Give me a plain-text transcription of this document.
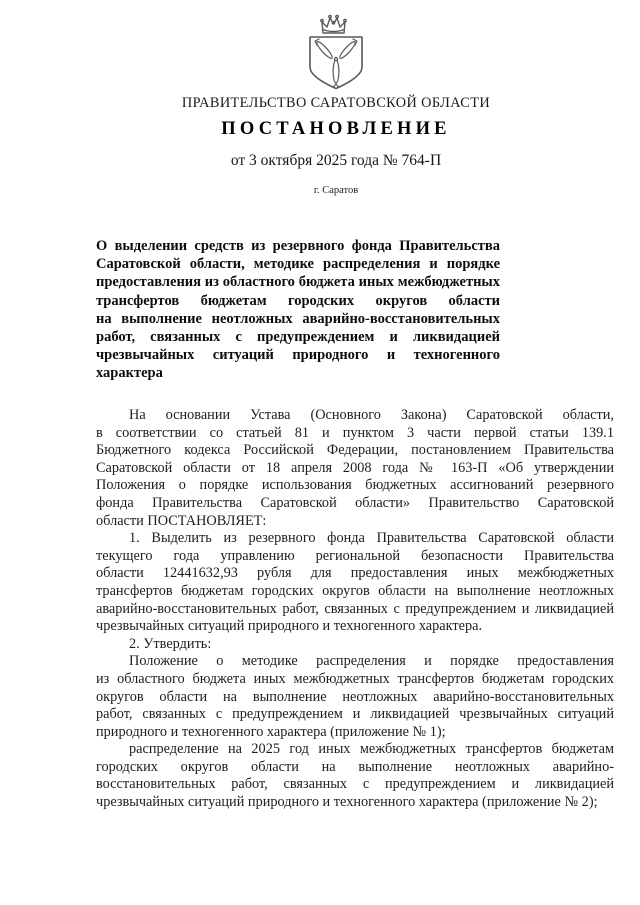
ПРАВИТЕЛЬСТВО САРАТОВСКОЙ ОБЛАСТИ
ПОСТАНОВЛЕНИЕ
от 3 октября 2025 года № 764-П
г. Саратов
О выделении средств из резервного фонда Правительства
Саратовской области, методике распределения и порядке
предоставления из областного бюджета иных межбюджетных
трансфертов бюджетам городских округов области
на выполнение неотложных аварийно-восстановительных
работ, связанных с предупреждением и ликвидацией
чрезвычайных ситуаций природного и техногенного
характера
На основании Устава (Основного Закона) Саратовской области,
в соответствии со статьей 81 и пунктом 3 части первой статьи 139.1
Бюджетного кодекса Российской Федерации, постановлением Правительства
Саратовской области от 18 апреля 2008 года № 163-П «Об утверждении
Положения о порядке использования бюджетных ассигнований резервного
фонда Правительства Саратовской области» Правительство Саратовской
области ПОСТАНОВЛЯЕТ:
1. Выделить из резервного фонда Правительства Саратовской области
текущего года управлению региональной безопасности Правительства
области 12441632,93 рубля для предоставления иных межбюджетных
трансфертов бюджетам городских округов области на выполнение неотложных
аварийно-восстановительных работ, связанных с предупреждением и ликвидацией
чрезвычайных ситуаций природного и техногенного характера.
2. Утвердить:
Положение о методике распределения и порядке предоставления
из областного бюджета иных межбюджетных трансфертов бюджетам городских
округов области на выполнение неотложных аварийно-восстановительных
работ, связанных с предупреждением и ликвидацией чрезвычайных ситуаций
природного и техногенного характера (приложение № 1);
распределение на 2025 год иных межбюджетных трансфертов бюджетам
городских округов области на выполнение неотложных аварийно-
восстановительных работ, связанных с предупреждением и ликвидацией
чрезвычайных ситуаций природного и техногенного характера (приложение № 2);
